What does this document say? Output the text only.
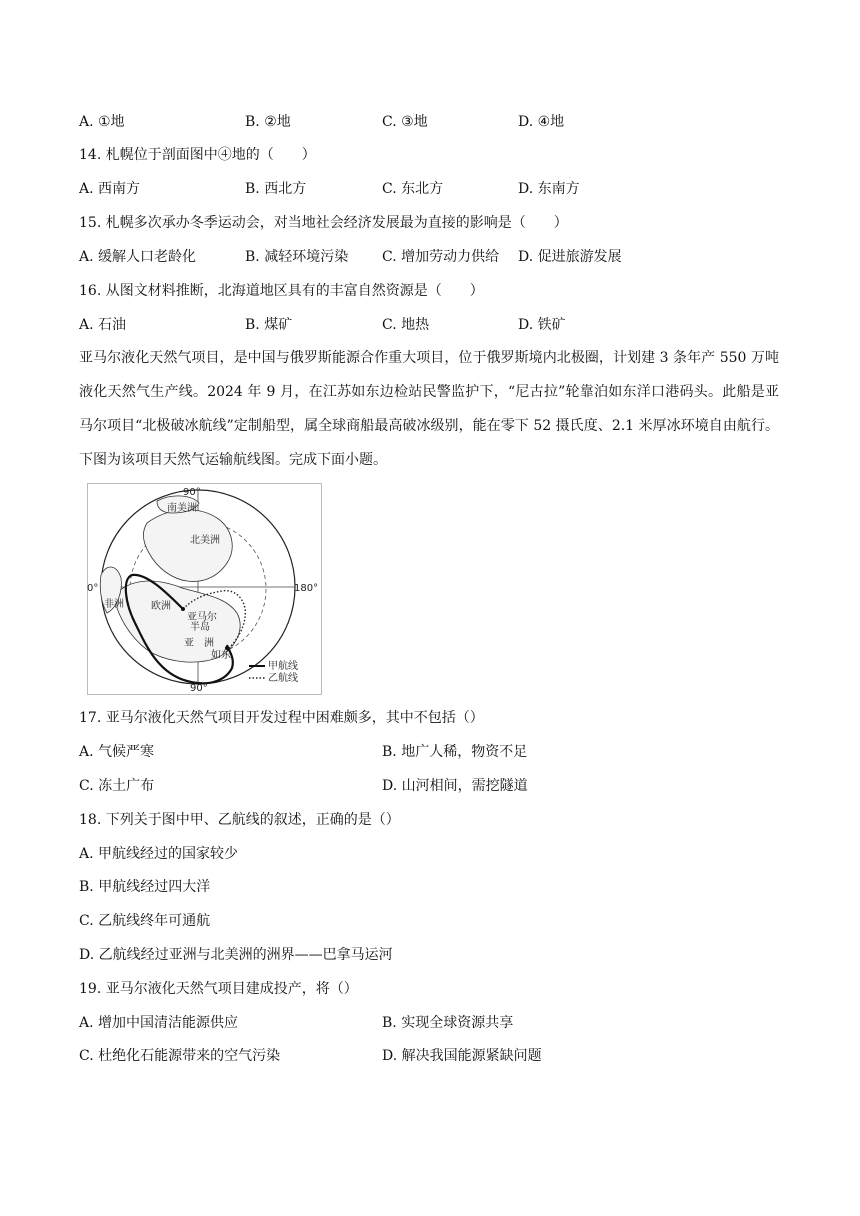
A. ①地	B. ②地	C. ③地	D. ④地
14. 札幌位于剖面图中④地的（　　）
A. 西南方	B. 西北方	C. 东北方	D. 东南方
15. 札幌多次承办冬季运动会，对当地社会经济发展最为直接的影响是（　　）
A. 缓解人口老龄化	B. 减轻环境污染 C. 增加劳动力供给 D. 促进旅游发展
16. 从图文材料推断，北海道地区具有的丰富自然资源是（　　）
A. 石油	B. 煤矿	C. 地热	D. 铁矿
亚马尔液化天然气项目，是中国与俄罗斯能源合作重大项目，位于俄罗斯境内北极圈，计划建 3 条年产 550 万吨液化天然气生产线。2024 年 9 月，在江苏如东边检站民警监护下，“尼古拉”轮靠泊如东洋口港码头。此船是亚马尔项目“北极破冰航线”定制船型，属全球商船最高破冰级别，能在零下 52 摄氏度、2.1 米厚冰环境自由航行。下图为该项目天然气运输航线图。完成下面小题。
90°
0°	180°
90°
南美洲
北美洲
非洲	欧洲
亚马尔
半岛
亚　洲
如东
甲航线
乙航线
17. 亚马尔液化天然气项目开发过程中困难颇多，其中不包括（）
A. 气候严寒	B. 地广人稀，物资不足
C. 冻土广布	D. 山河相间，需挖隧道
18. 下列关于图中甲、乙航线的叙述，正确的是（）
A. 甲航线经过的国家较少
B. 甲航线经过四大洋
C. 乙航线终年可通航
D. 乙航线经过亚洲与北美洲的洲界——巴拿马运河
19. 亚马尔液化天然气项目建成投产，将（）
A. 增加中国清洁能源供应	B. 实现全球资源共享
C. 杜绝化石能源带来的空气污染	D. 解决我国能源紧缺问题
